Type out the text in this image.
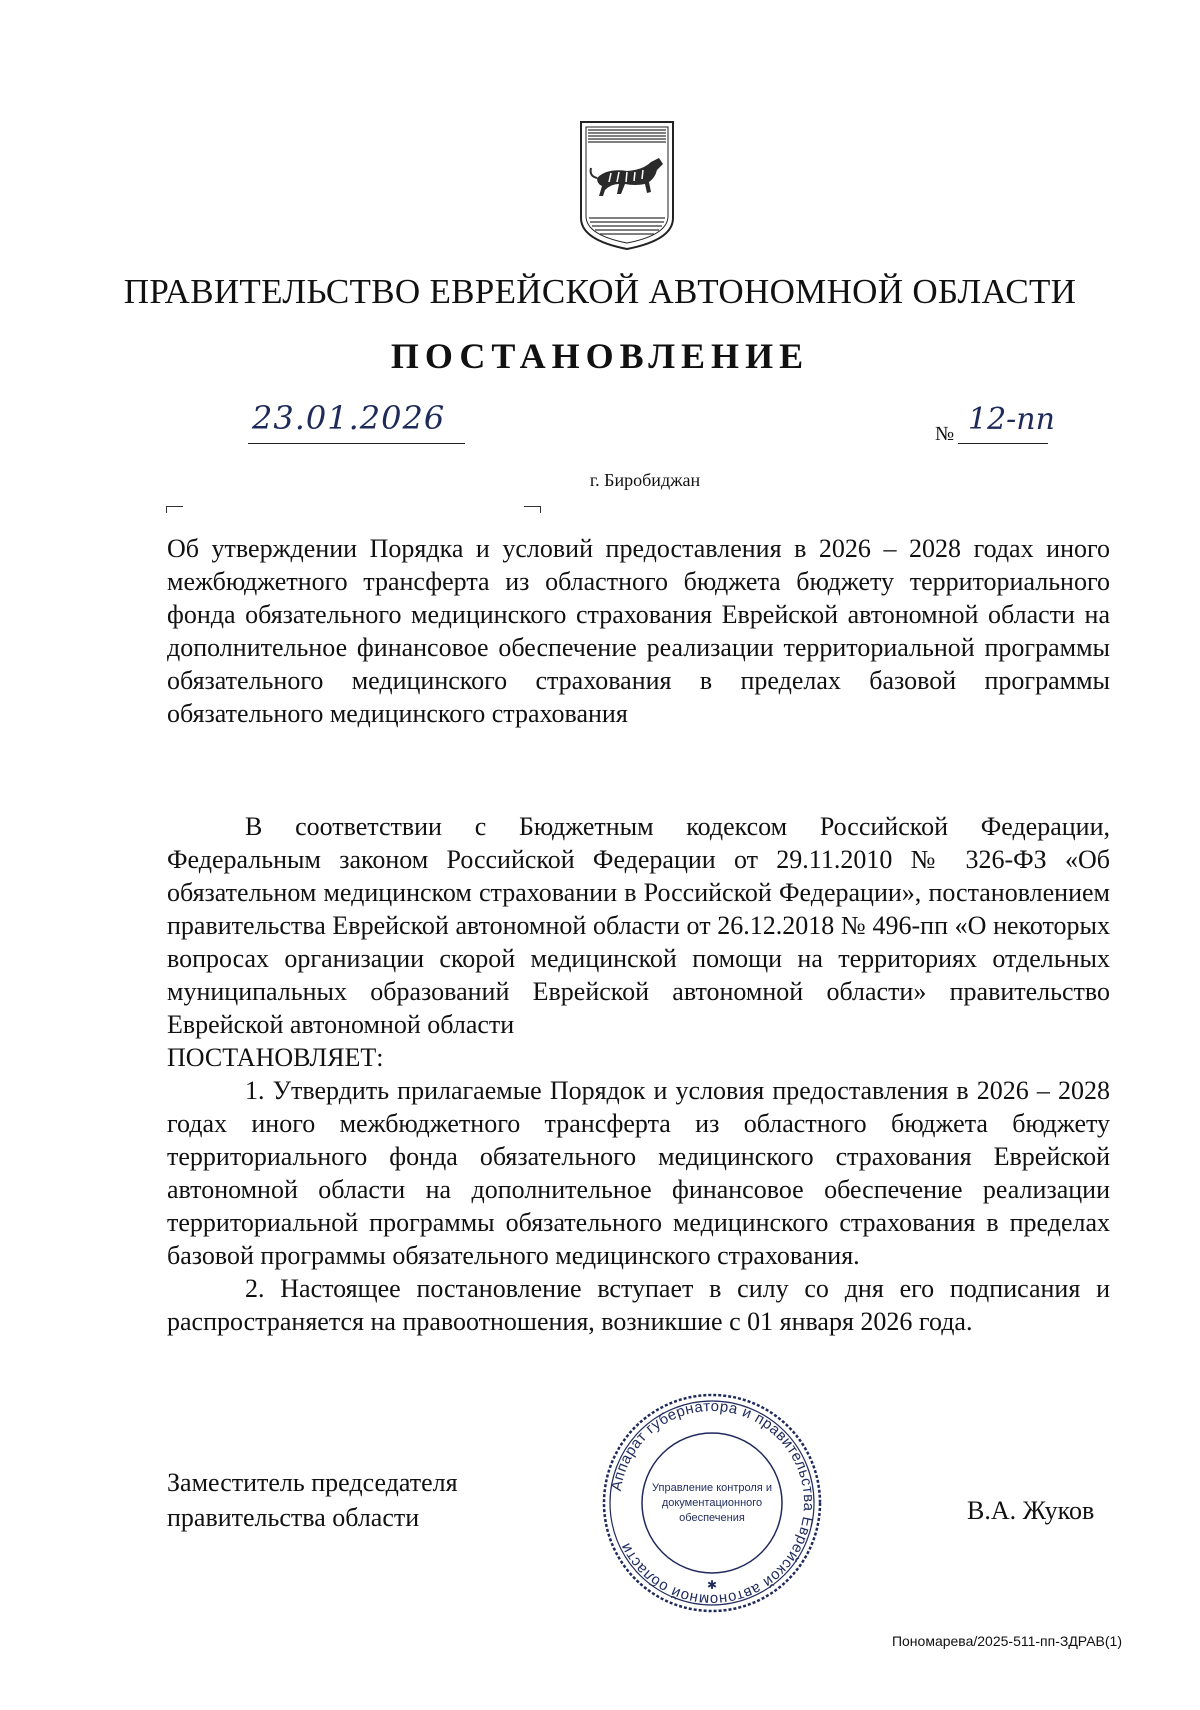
ПРАВИТЕЛЬСТВО ЕВРЕЙСКОЙ АВТОНОМНОЙ ОБЛАСТИ
ПОСТАНОВЛЕНИЕ
23.01.2026	№ 12-пп
г. Биробиджан

Об утверждении Порядка и условий предоставления в 2026 – 2028 годах иного межбюджетного трансферта из областного бюджета бюджету территориального фонда обязательного медицинского страхования Еврейской автономной области на дополнительное финансовое обеспечение реализации территориальной программы обязательного медицинского страхования в пределах базовой программы обязательного медицинского страхования

В соответствии с Бюджетным кодексом Российской Федерации, Федеральным законом Российской Федерации от 29.11.2010 № 326-ФЗ «Об обязательном медицинском страховании в Российской Федерации», постановлением правительства Еврейской автономной области от 26.12.2018 № 496-пп «О некоторых вопросах организации скорой медицинской помощи на территориях отдельных муниципальных образований Еврейской автономной области» правительство Еврейской автономной области

ПОСТАНОВЛЯЕТ:

1. Утвердить прилагаемые Порядок и условия предоставления в 2026 – 2028 годах иного межбюджетного трансферта из областного бюджета бюджету территориального фонда обязательного медицинского страхования Еврейской автономной области на дополнительное финансовое обеспечение реализации территориальной программы обязательного медицинского страхования в пределах базовой программы обязательного медицинского страхования.

2. Настоящее постановление вступает в силу со дня его подписания и распространяется на правоотношения, возникшие с 01 января 2026 года.

Заместитель председателя
правительства области	В.А. Жуков
Аппарат губернатора и правительства Еврейской автономной области
Управление контроля и
документационного
обеспечения
✱
Пономарева/2025-511-пп-ЗДРАВ(1)
